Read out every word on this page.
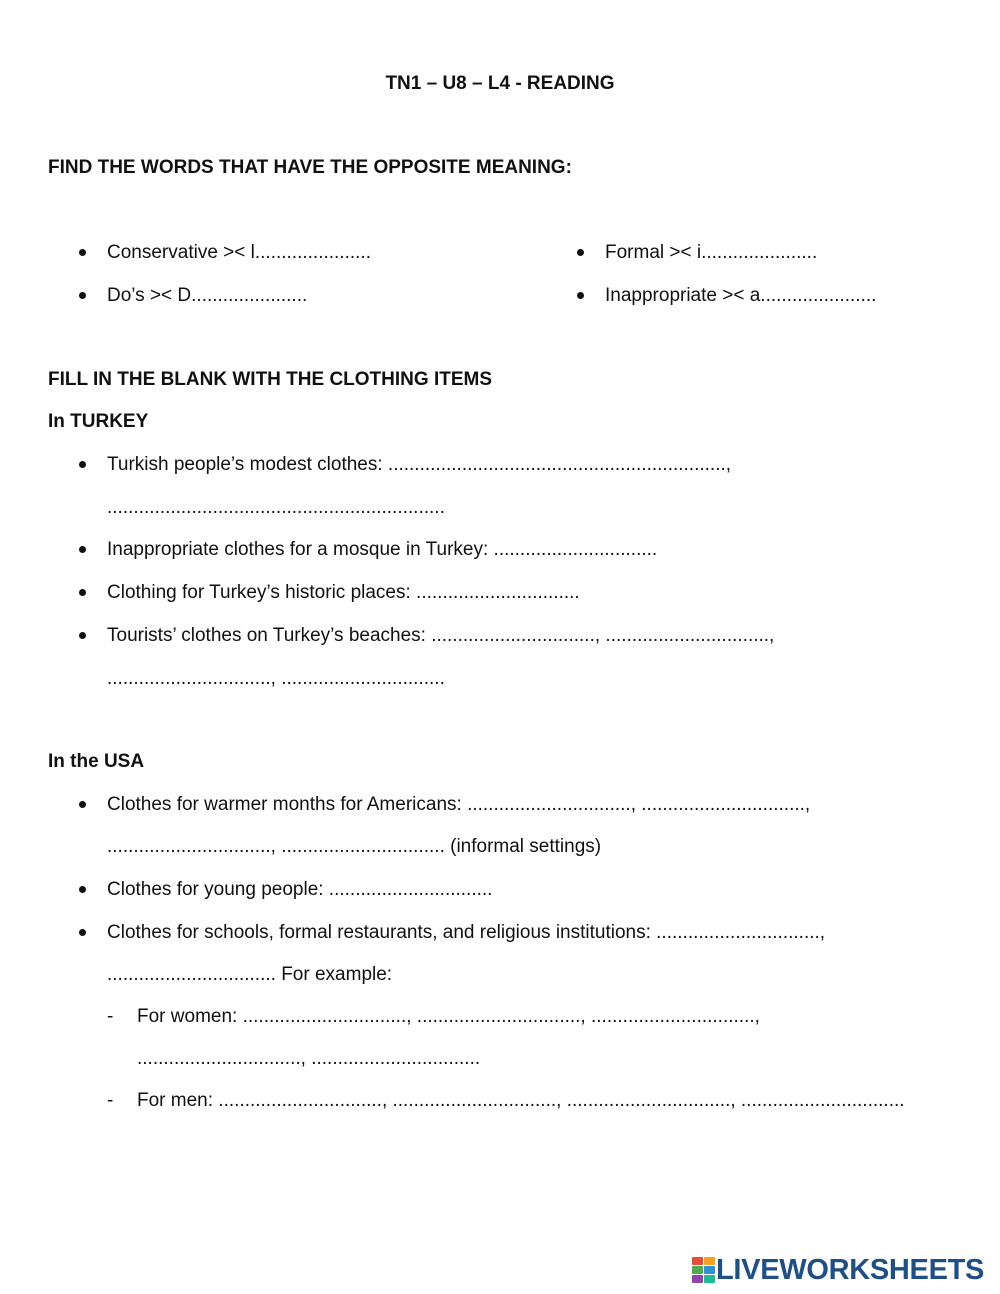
TN1 – U8 – L4 - READING
FIND THE WORDS THAT HAVE THE OPPOSITE MEANING:
Conservative >< l......................
Do’s >< D......................
Formal >< i......................
Inappropriate >< a......................
FILL IN THE BLANK WITH THE CLOTHING ITEMS
In TURKEY
Turkish people’s modest clothes: ................................................................,
................................................................
Inappropriate clothes for a mosque in Turkey: ...............................
Clothing for Turkey’s historic places: ...............................
Tourists’ clothes on Turkey’s beaches: ..............................., ...............................,
..............................., ...............................
In the USA
Clothes for warmer months for Americans: ..............................., ...............................,
..............................., ............................... (informal settings)
Clothes for young people: ...............................
Clothes for schools, formal restaurants, and religious institutions: ...............................,
................................ For example:
- For women: ..............................., ..............................., ...............................,
..............................., ................................
- For men: ..............................., ..............................., ..............................., ...............................
LIVEWORKSHEETS
